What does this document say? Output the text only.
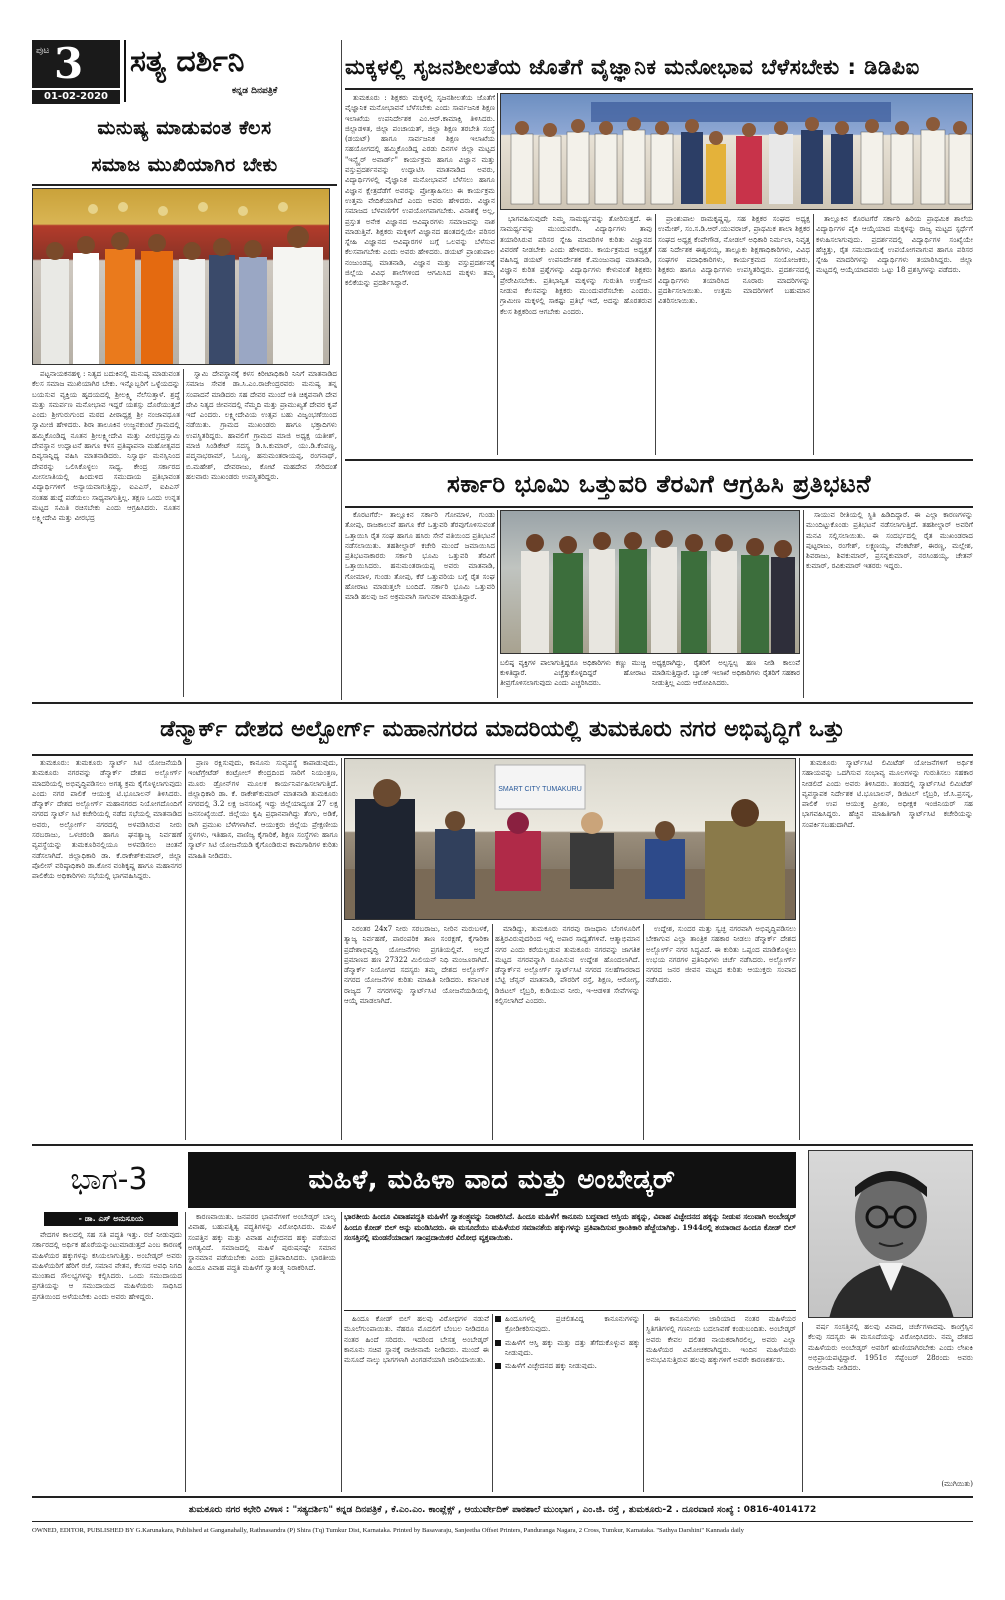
ಪುಟ 3
01-02-2020
ಸತ್ಯ ದರ್ಶಿನಿ
ಕನ್ನಡ ದಿನಪತ್ರಿಕೆ
ಮಕ್ಕಳಲ್ಲಿ ಸೃಜನಶೀಲತೆಯ ಜೊತೆಗೆ ವೈಜ್ಞಾನಿಕ ಮನೋಭಾವ ಬೆಳೆಸಬೇಕು : ಡಿಡಿಪಿಐ

ತುಮಕೂರು : ಶಿಕ್ಷಕರು ಮಕ್ಕಳಲ್ಲಿ ಸೃಜನಶೀಲತೆಯ ಜೊತೆಗೆ ವೈಜ್ಞಾನಿಕ ಮನೋಭಾವನೆ ಬೆಳೆಸಬೇಕು ಎಂದು ಸಾರ್ವಜನಿಕ ಶಿಕ್ಷಣ ಇಲಾಖೆಯ ಉಪನಿರ್ದೇಶಕ ಎಂ.ಆರ್.ಕಾಮಾಕ್ಷಿ ತಿಳಿಸಿದರು. ಜಿಲ್ಲಾಡಳಿತ, ಜಿಲ್ಲಾ ಪಂಚಾಯತ್, ಜಿಲ್ಲಾ ಶಿಕ್ಷಣ ತರಬೇತಿ ಸಂಸ್ಥೆ (ಡಯಟ್) ಹಾಗೂ ಸಾರ್ವಜನಿಕ ಶಿಕ್ಷಣ ಇಲಾಖೆಯ ಸಹಯೋಗದಲ್ಲಿ ಹಮ್ಮಿಕೊಂಡಿದ್ದ ಎರಡು ದಿನಗಳ ಜಿಲ್ಲಾ ಮಟ್ಟದ "ಇನ್ಸ್ಪೈರ್ ಅವಾರ್ಡ್" ಕಾರ್ಯಕ್ರಮ ಹಾಗೂ ವಿಜ್ಞಾನ ಮತ್ತು ವಸ್ತುಪ್ರದರ್ಶನವನ್ನು ಉದ್ಘಾಟಿಸಿ ಮಾತನಾಡಿದ ಅವರು, ವಿದ್ಯಾರ್ಥಿಗಳಲ್ಲಿ ವೈಜ್ಞಾನಿಕ ಮನೋಭಾವನೆ ಬೆಳೆಸಲು ಹಾಗೂ ವಿಜ್ಞಾನ ಕ್ಷೇತ್ರದೆಡೆಗೆ ಅವರನ್ನು ಪ್ರೋತ್ಸಾಹಿಸಲು ಈ ಕಾರ್ಯಕ್ರಮ ಉತ್ತಮ ವೇದಿಕೆಯಾಗಿದೆ ಎಂದು ಅವರು ಹೇಳಿದರು. ವಿಜ್ಞಾನ ಸಮಾಜದ ಬೆಳವಣಿಗೆಗೆ ಉಪಯೋಗವಾಗಬೇಕು. ವಿನಾಶಕ್ಕೆ ಅಲ್ಲ, ಪ್ರಸ್ತುತ ಅನೇಕ ವಿಜ್ಞಾನದ ಆವಿಷ್ಕಾರಗಳು ಸಮಾಜವನ್ನು ನಾಶ ಮಾಡುತ್ತಿವೆ. ಶಿಕ್ಷಕರು ಮಕ್ಕಳಿಗೆ ವಿಜ್ಞಾನದ ಹಂತದಲ್ಲಿಯೇ ಪರಿಸರ ಸ್ನೇಹಿ ವಿಜ್ಞಾನದ ಆವಿಷ್ಕಾರಗಳ ಬಗ್ಗೆ ಒಲವನ್ನು ಬೆಳೆಸುವ ಕೆಲಸವಾಗಬೇಕು ಎಂದು ಅವರು ಹೇಳಿದರು. ಡಯಟ್ ಪ್ರಾಂಶುಪಾಲ ನಂಜುಂಡಪ್ಪ ಮಾತನಾಡಿ, ವಿಜ್ಞಾನ ಮತ್ತು ವಸ್ತುಪ್ರದರ್ಶನಕ್ಕೆ ಜಿಲ್ಲೆಯ ವಿವಿಧ ಶಾಲೆಗಳಿಂದ ಆಗಮಿಸಿದ ಮಕ್ಕಳು ತಮ್ಮ ಕಲಿಕೆಯನ್ನು ಪ್ರದರ್ಶಿಸಿದ್ದಾರೆ.

ಭಾಗವಹಿಸುವುದೇ ನಿಮ್ಮ ಸಾಮರ್ಥ್ಯವನ್ನು ತೋರಿಸುತ್ತದೆ. ಈ ಸಾಮರ್ಥ್ಯವನ್ನು ಮುಂದುವರೆಸಿ. ವಿದ್ಯಾರ್ಥಿಗಳು ತಾವು ತಯಾರಿಸಿರುವ ಪರಿಸರ ಸ್ನೇಹಿ ಮಾದರಿಗಳ ಕುರಿತು ವಿಜ್ಞಾನದ ವಿವರಣೆ ನೀಡಬೇಕು ಎಂದು ಹೇಳಿದರು. ಕಾರ್ಯಕ್ರಮದ ಅಧ್ಯಕ್ಷತೆ ವಹಿಸಿದ್ದ ಡಯಟ್ ಉಪನಿರ್ದೇಶಕ ಕೆ.ಮಂಜುನಾಥ ಮಾತನಾಡಿ, ವಿಜ್ಞಾನ ಕುರಿತ ಪ್ರಶ್ನೆಗಳನ್ನು ವಿದ್ಯಾರ್ಥಿಗಳು ಕೇಳುವಂತೆ ಶಿಕ್ಷಕರು ಪ್ರೇರೇಪಿಸಬೇಕು. ಪ್ರತಿಭಾನ್ವಿತ ಮಕ್ಕಳನ್ನು ಗುರುತಿಸಿ ಉತ್ತೇಜನ ನೀಡುವ ಕೆಲಸವನ್ನು ಶಿಕ್ಷಕರು ಮುಂದುವರೆಸಬೇಕು ಎಂದರು. ಗ್ರಾಮೀಣ ಮಕ್ಕಳಲ್ಲಿ ಸಾಕಷ್ಟು ಪ್ರತಿಭೆ ಇದೆ, ಅದನ್ನು ಹೊರತರುವ ಕೆಲಸ ಶಿಕ್ಷಕರಿಂದ ಆಗಬೇಕು ಎಂದರು.

ಪ್ರಾಂಶುಪಾಲ ರಾಮಕೃಷ್ಣಪ್ಪ, ಸಹ ಶಿಕ್ಷಕರ ಸಂಘದ ಅಧ್ಯಕ್ಷ ಉಮೇಶ್, ಸಂ.ಸ.ಡಿ.ಆರ್.ಯುವರಾಜ್, ಪ್ರಾಥಮಿಕ ಶಾಲಾ ಶಿಕ್ಷಕರ ಸಂಘದ ಅಧ್ಯಕ್ಷ ಕೆಂಪೇಗೌಡ, ನೋಡಲ್ ಅಧಿಕಾರಿ ನಿರ್ಮಲಾ, ನಿವೃತ್ತ ಸಹ ನಿರ್ದೇಶಕ ಈಶ್ವರಯ್ಯ, ತಾಲ್ಲೂಕು ಶಿಕ್ಷಣಾಧಿಕಾರಿಗಳು, ವಿವಿಧ ಸಂಘಗಳ ಪದಾಧಿಕಾರಿಗಳು, ಕಾರ್ಯಕ್ರಮದ ಸಂಯೋಜಕರು, ಶಿಕ್ಷಕರು ಹಾಗೂ ವಿದ್ಯಾರ್ಥಿಗಳು ಉಪಸ್ಥಿತರಿದ್ದರು. ಪ್ರದರ್ಶನದಲ್ಲಿ ವಿದ್ಯಾರ್ಥಿಗಳು ತಯಾರಿಸಿದ ನೂರಾರು ಮಾದರಿಗಳನ್ನು ಪ್ರದರ್ಶಿಸಲಾಯಿತು. ಉತ್ತಮ ಮಾದರಿಗಳಿಗೆ ಬಹುಮಾನ ವಿತರಿಸಲಾಯಿತು.

ತಾಲ್ಲೂಕಿನ ಕೊರಟಗೆರೆ ಸರ್ಕಾರಿ ಹಿರಿಯ ಪ್ರಾಥಮಿಕ ಶಾಲೆಯ ವಿದ್ಯಾರ್ಥಿಗಳ ಪೈಕಿ ಆಯ್ಕೆಯಾದ ಮಕ್ಕಳನ್ನು ರಾಜ್ಯ ಮಟ್ಟದ ಸ್ಪರ್ಧೆಗೆ ಕಳುಹಿಸಲಾಗುವುದು. ಪ್ರದರ್ಶನದಲ್ಲಿ ವಿದ್ಯಾರ್ಥಿಗಳ ಸಂಖ್ಯೆಯೇ ಹೆಚ್ಚಿತ್ತು, ರೈತ ಸಮುದಾಯಕ್ಕೆ ಉಪಯೋಗವಾಗುವ ಹಾಗೂ ಪರಿಸರ ಸ್ನೇಹಿ ಮಾದರಿಗಳನ್ನು ವಿದ್ಯಾರ್ಥಿಗಳು ತಯಾರಿಸಿದ್ದರು. ಜಿಲ್ಲಾ ಮಟ್ಟದಲ್ಲಿ ಆಯ್ಕೆಯಾದವರು ಒಟ್ಟು 18 ಪ್ರಶಸ್ತಿಗಳನ್ನು ಪಡೆದರು.

ಮನುಷ್ಯ ಮಾಡುವಂತ ಕೆಲಸ
ಸಮಾಜ ಮುಖಿಯಾಗಿರ ಬೇಕು

ಪಟ್ಟನಾಯಕನಹಳ್ಳಿ : ನಿತ್ಯದ ಬದುಕಿನಲ್ಲಿ ಮನುಷ್ಯ ಮಾಡುವಂತ ಕೆಲಸ ಸಮಾಜ ಮುಖಿಯಾಗಿರ ಬೇಕು. ಇನ್ನೊಬ್ಬರಿಗೆ ಒಳ್ಳೆಯದನ್ನು ಬಯಸುವ ವ್ಯಕ್ತಿಯ ಹೃದಯದಲ್ಲಿ ಶ್ರೀಲಕ್ಷ್ಮಿ ನೆಲೆಸುತ್ತಾಳೆ. ಶ್ರದ್ಧೆ ಮತ್ತು ಸಮರ್ಪಣ ಮನೋಭಾವ ಇದ್ದರೆ ಯಶಸ್ಸು ದೊರೆಯುತ್ತದೆ ಎಂದು ಶ್ರೀಗುರುಗುಂದ ಮಠದ ಪೀಠಾಧ್ಯಕ್ಷ ಶ್ರೀ ನಂಜಾವಧೂತ ಸ್ವಾಮೀಜಿ ಹೇಳಿದರು. ಶಿರಾ ತಾಲೂಕಿನ ಉಜ್ಜನಕುಂಟೆ ಗ್ರಾಮದಲ್ಲಿ ಹಮ್ಮಿಕೊಂಡಿದ್ದ ನೂತನ ಶ್ರೀಲಕ್ಷ್ಮೀದೇವಿ ಮತ್ತು ವೀರಭದ್ರಸ್ವಾಮಿ ದೇವಸ್ಥಾನ ಉದ್ಘಾಟನೆ ಹಾಗೂ ಕಳಸ ಪ್ರತಿಷ್ಠಾಪನಾ ಮಹೋತ್ಸವದ ದಿವ್ಯಸಾನ್ನಿಧ್ಯ ವಹಿಸಿ ಮಾತನಾಡಿದರು. ನಿಸ್ವಾರ್ಥ ಮನಸ್ಸಿನಿಂದ ದೇವರನ್ನು ಒಲಿಸಿಕೊಳ್ಳಲು ಸಾಧ್ಯ. ಕೇಂದ್ರ ಸರ್ಕಾರದ ಮೀಸಲಾತಿಯಲ್ಲಿ ಹಿಂದುಳಿದ ಸಮುದಾಯ ಪ್ರತಿಭಾವಂತ ವಿದ್ಯಾರ್ಥಿಗಳಿಗೆ ಅನ್ಯಾಯವಾಗುತ್ತಿದ್ದು, ಐಎಎಸ್, ಐಪಿಎಸ್ ನಂತಹ ಹುದ್ದೆ ಪಡೆಯಲು ಸಾಧ್ಯವಾಗುತ್ತಿಲ್ಲ. ತಕ್ಷಣ ಒಂದು ಉನ್ನತ ಮಟ್ಟದ ಸಮಿತಿ ರಚಿಸಬೇಕು ಎಂದು ಆಗ್ರಹಿಸಿದರು. ನೂತನ ಲಕ್ಷ್ಮೀದೇವಿ ಮತ್ತು ವೀರಭದ್ರ

ಸ್ವಾಮಿ ದೇವಸ್ಥಾನಕ್ಕೆ ಕಳಸ ಕಿರೀಟಾಧಿಕಾರಿ ನಿನಿಗೆ ಮಾತನಾಡಿದ ಸಮಾಜ ಸೇವಕ ಡಾ.ಸಿ.ಎಂ.ರಾಜೇಂದ್ರರವರು ಮನುಷ್ಯ ತನ್ನ ಸಂಪಾದನೆ ಮಾಡಿದರು ಸಹ ದೇವರ ಮುಂದೆ ಅತಿ ಚಿಕ್ಕವನಾಗಿ ದೇವ ದೇವಿ ನಿತ್ಯದ ಜೀವನದಲ್ಲಿ ನೆಮ್ಮದಿ ಮತ್ತು ಪ್ರಾಮುಖ್ಯತೆ ದೇವರ ಕೃಪೆ ಇದೆ ಎಂದರು. ಲಕ್ಷ್ಮೀದೇವಿಯ ಉತ್ಸವ ಬಹು ವಿಜೃಂಭಣೆಯಿಂದ ನಡೆಯಿತು. ಗ್ರಾಮದ ಮುಖಂಡರು ಹಾಗೂ ಭಕ್ತಾದಿಗಳು ಉಪಸ್ಥಿತರಿದ್ದರು. ಹಾವಲಿಗೆ ಗ್ರಾಮದ ಮಾಜಿ ಅಧ್ಯಕ್ಷ ಯತೀಶ್, ಮಾಜಿ ಸಿಂಡಿಕೇಟ್ ಸದಸ್ಯ ಡಿ.ಸಿ.ಕುಮಾರ್, ಯು.ಡಿ.ಕೆಂಪಣ್ಣ, ಪದ್ಮನಾಭರಾಮ್, ಓಬಣ್ಣ, ಹನುಮಂತರಾಯಪ್ಪ, ರಂಗನಾಥ್, ಬಿ.ಮಹೇಶ್, ದೇವರಾಜು, ಕೋಟೆ ಮಹದೇವ ಸೇರಿದಂತೆ ಹಲವಾರು ಮುಖಂಡರು ಉಪಸ್ಥಿತರಿದ್ದರು.	ಸರ್ಕಾರಿ ಭೂಮಿ ಒತ್ತುವರಿ ತೆರವಿಗೆ ಆಗ್ರಹಿಸಿ ಪ್ರತಿಭಟನೆ

ಕೊರಟಗೆರೆ:- ತಾಲ್ಲೂಕಿನ ಸರ್ಕಾರಿ ಗೋಮಾಳ, ಗುಂಡು ತೋಪು, ರಾಜಕಾಲುವೆ ಹಾಗೂ ಕೆರೆ ಒತ್ತುವರಿ ತೆರವುಗೊಳಿಸುವಂತೆ ಒತ್ತಾಯಿಸಿ ರೈತ ಸಂಘ ಹಾಗೂ ಹಸಿರು ಸೇನೆ ವತಿಯಿಂದ ಪ್ರತಿಭಟನೆ ನಡೆಸಲಾಯಿತು. ತಹಶೀಲ್ದಾರ್ ಕಚೇರಿ ಮುಂದೆ ಜಮಾಯಿಸಿದ ಪ್ರತಿಭಟನಾಕಾರರು ಸರ್ಕಾರಿ ಭೂಮಿ ಒತ್ತುವರಿ ತೆರವಿಗೆ ಒತ್ತಾಯಿಸಿದರು. ಹನುಮಂತರಾಯಪ್ಪ ಅವರು ಮಾತನಾಡಿ, ಗೋಮಾಳ, ಗುಂಡು ತೋಪು, ಕೆರೆ ಒತ್ತುವರಿಯ ಬಗ್ಗೆ ರೈತ ಸಂಘ ಹೋರಾಟ ಮಾಡುತ್ತಲೇ ಬಂದಿದೆ. ಸರ್ಕಾರಿ ಭೂಮಿ ಒತ್ತುವರಿ ಮಾಡಿ ಹಲವು ಜನ ಅಕ್ರಮವಾಗಿ ಸಾಗುವಳಿ ಮಾಡುತ್ತಿದ್ದಾರೆ.

ಬಲಿಷ್ಠ ವ್ಯಕ್ತಿಗಳ ಪಾಲಾಗುತ್ತಿದ್ದರೂ ಅಧಿಕಾರಿಗಳು ಕಣ್ಣು ಮುಚ್ಚಿ ಕುಳಿತಿದ್ದಾರೆ. ಎಚ್ಚೆತ್ತುಕೊಳ್ಳದಿದ್ದರೆ ಹೋರಾಟ ತೀವ್ರಗೊಳಿಸಲಾಗುವುದು ಎಂದು ಎಚ್ಚರಿಸಿದರು.
ಅಧ್ಯಕ್ಷರಾಗಿದ್ದು, ರೈತರಿಗೆ ಅಲ್ಪಸ್ವಲ್ಪ ಹಣ ನೀಡಿ ಕಾಲುವೆ ಮಾಡಿಸುತ್ತಿದ್ದಾರೆ. ಬ್ಯಾಂಕ್ ಇಲಾಖೆ ಅಧಿಕಾರಿಗಳು ರೈತರಿಗೆ ಸಹಕಾರ ನೀಡುತ್ತಿಲ್ಲ ಎಂದು ಆರೋಪಿಸಿದರು.

ಸಾಯುವ ರೀತಿಯಲ್ಲಿ ಸ್ಥಿತಿ ಹಿಡಿದಿದ್ದಾರೆ. ಈ ಎಲ್ಲಾ ಕಾರಣಗಳನ್ನು ಮುಂದಿಟ್ಟುಕೊಂಡು ಪ್ರತಿಭಟನೆ ನಡೆಸಲಾಗುತ್ತಿದೆ. ತಹಶೀಲ್ದಾರ್ ಅವರಿಗೆ ಮನವಿ ಸಲ್ಲಿಸಲಾಯಿತು. ಈ ಸಂದರ್ಭದಲ್ಲಿ ರೈತ ಮುಖಂಡರಾದ ಪುಟ್ಟರಾಜು, ರಂಗೇಶ್, ಲಕ್ಷ್ಮಣಯ್ಯ, ವೆಂಕಟೇಶ್, ಈರಣ್ಣ, ಮಲ್ಲೇಶ, ಶಿವರಾಜು, ಶಿವಕುಮಾರ್, ಪ್ರಸನ್ನಕುಮಾರ್, ನರಸಿಂಹಯ್ಯ, ಚೇತನ್ ಕುಮಾರ್, ರವಿಕುಮಾರ್ ಇತರರು ಇದ್ದರು.

ಡೆನ್ಮಾರ್ಕ್ ದೇಶದ ಅಲ್ಬೋರ್ಗ್ ಮಹಾನಗರದ ಮಾದರಿಯಲ್ಲಿ ತುಮಕೂರು ನಗರ ಅಭಿವೃದ್ಧಿಗೆ ಒತ್ತು

ತುಮಕೂರು: ತುಮಕೂರು ಸ್ಮಾರ್ಟ್ ಸಿಟಿ ಯೋಜನೆಯಡಿ ತುಮಕೂರು ನಗರವನ್ನು ಡೆನ್ಮಾರ್ಕ್ ದೇಶದ ಅಲ್ಬೋರ್ಗ್ ಮಾದರಿಯಲ್ಲಿ ಅಭಿವೃದ್ಧಿಪಡಿಸಲು ಅಗತ್ಯ ಕ್ರಮ ಕೈಗೊಳ್ಳಲಾಗುವುದು ಎಂದು ನಗರ ಪಾಲಿಕೆ ಆಯುಕ್ತ ಟಿ.ಭೂಬಾಲನ್ ತಿಳಿಸಿದರು. ಡೆನ್ಮಾರ್ಕ್ ದೇಶದ ಅಲ್ಬೋರ್ಗ್ ಮಹಾನಗರದ ನಿಯೋಗದೊಂದಿಗೆ ನಗರದ ಸ್ಮಾರ್ಟ್ ಸಿಟಿ ಕಚೇರಿಯಲ್ಲಿ ನಡೆದ ಸಭೆಯಲ್ಲಿ ಮಾತನಾಡಿದ ಅವರು, ಅಲ್ಬೋರ್ಗ್ ನಗರದಲ್ಲಿ ಅಳವಡಿಸಿರುವ ನೀರು ಸರಬರಾಜು, ಒಳಚರಂಡಿ ಹಾಗೂ ಘನತ್ಯಾಜ್ಯ ನಿರ್ವಹಣೆ ವ್ಯವಸ್ಥೆಯನ್ನು ತುಮಕೂರಿನಲ್ಲಿಯೂ ಅಳವಡಿಸಲು ಚಿಂತನೆ ನಡೆಸಲಾಗಿದೆ. ಜಿಲ್ಲಾಧಿಕಾರಿ ಡಾ. ಕೆ.ರಾಕೇಶ್‌ಕುಮಾರ್, ಜಿಲ್ಲಾ ಪೊಲೀಸ್ ವರಿಷ್ಠಾಧಿಕಾರಿ ಡಾ.ಕೋನ ವಂಶಿಕೃಷ್ಣ ಹಾಗೂ ಮಹಾನಗರ ಪಾಲಿಕೆಯ ಅಧಿಕಾರಿಗಳು ಸಭೆಯಲ್ಲಿ ಭಾಗವಹಿಸಿದ್ದರು.

ಪ್ರಾಣ ರಕ್ಷಿಸುವುದು, ಕಾನೂನು ಸುವ್ಯವಸ್ಥೆ ಕಾಪಾಡುವುದು, ಇಂಟೆಗ್ರೇಟೆಡ್ ಕಂಟ್ರೋಲ್ ಕೇಂದ್ರದಿಂದ ಸಾರಿಗೆ ನಿಯಂತ್ರಣ, ಮೂರು ಡ್ರೋನ್‌ಗಳ ಮೂಲಕ ಕಾರ್ಯನಿರ್ವಹಿಸಲಾಗುತ್ತಿದೆ. ಜಿಲ್ಲಾಧಿಕಾರಿ ಡಾ. ಕೆ. ರಾಕೇಶ್‌ಕುಮಾರ್ ಮಾತನಾಡಿ ತುಮಕೂರು ನಗರದಲ್ಲಿ 3.2 ಲಕ್ಷ ಜನಸಂಖ್ಯೆ ಇದ್ದು ಜಿಲ್ಲೆಯಾದ್ಯಂತ 27 ಲಕ್ಷ ಜನಸಂಖ್ಯೆಯಿದೆ. ಜಿಲ್ಲೆಯು ಕೃಷಿ ಪ್ರಧಾನವಾಗಿದ್ದು ತೆಂಗು, ಅಡಿಕೆ, ರಾಗಿ ಪ್ರಮುಖ ಬೆಳೆಗಳಾಗಿವೆ. ಆಯುಕ್ತರು ಜಿಲ್ಲೆಯ ಪ್ರೇಕ್ಷಣೀಯ ಸ್ಥಳಗಳು, ಇತಿಹಾಸ, ವಾಣಿಜ್ಯ ಕೈಗಾರಿಕೆ, ಶಿಕ್ಷಣ ಸಂಸ್ಥೆಗಳು ಹಾಗೂ ಸ್ಮಾರ್ಟ್ ಸಿಟಿ ಯೋಜನೆಯಡಿ ಕೈಗೊಂಡಿರುವ ಕಾಮಗಾರಿಗಳ ಕುರಿತು ಮಾಹಿತಿ ನೀಡಿದರು.

SMART CITY TUMAKURU

ನಿರಂತರ 24x7 ನೀರು ಸರಬರಾಜು, ನೀರಿನ ಮರುಬಳಕೆ, ತ್ಯಾಜ್ಯ ನಿರ್ವಹಣೆ, ಪಾರಂಪರಿಕ ತಾಣ ಸಂರಕ್ಷಣೆ, ಕೈಗಾರಿಕಾ ಪ್ರದೇಶಾಭಿವೃದ್ಧಿ ಯೋಜನೆಗಳು ಪ್ರಗತಿಯಲ್ಲಿವೆ. ಅಲ್ಲದೆ ಪ್ರಮಾಣದ ಹಣ 27322 ಮಿಲಿಯನ್ ನಿಧಿ ಮಂಜೂರಾಗಿದೆ. ಡೆನ್ಮಾರ್ಕ್ ನಿಯೋಗದ ಸದಸ್ಯರು ತಮ್ಮ ದೇಶದ ಅಲ್ಬೋರ್ಗ್ ನಗರದ ಯೋಜನೆಗಳ ಕುರಿತು ಮಾಹಿತಿ ನೀಡಿದರು. ಕರ್ನಾಟಕ ರಾಜ್ಯದ 7 ನಗರಗಳನ್ನು ಸ್ಮಾರ್ಟ್‌ಸಿಟಿ ಯೋಜನೆಯಡಿಯಲ್ಲಿ ಆಯ್ಕೆ ಮಾಡಲಾಗಿದೆ.

ಮಾಡಿದ್ದು, ತುಮಕೂರು ನಗರವು ರಾಜಧಾನಿ ಬೆಂಗಳೂರಿಗೆ ಹತ್ತಿರವಿರುವುದರಿಂದ ಇಲ್ಲಿ ಅಪಾರ ಸಾಧ್ಯತೆಗಳಿವೆ. ಆತ್ಮಾಭಿಮಾನ ನಗರ ಎಂದು ಕರೆಯಲ್ಪಡುವ ತುಮಕೂರು ನಗರವನ್ನು ಜಾಗತಿಕ ಮಟ್ಟದ ನಗರವನ್ನಾಗಿ ರೂಪಿಸುವ ಉದ್ದೇಶ ಹೊಂದಲಾಗಿದೆ. ಡೆನ್ಮಾರ್ಕ್‌ನ ಅಲ್ಬೋರ್ಗ್ ಸ್ಮಾರ್ಟ್‌ಸಿಟಿ ನಗರದ ಸಲಹೆಗಾರರಾದ ಬೆಟ್ಟಿ ಜೆನ್ಸನ್ ಮಾತನಾಡಿ, ಪೌರರಿಗೆ ರಸ್ತೆ, ಶಿಕ್ಷಣ, ಆರೋಗ್ಯ, ಡಿಜಿಟಲ್ ಲೈಬ್ರರಿ, ಕುಡಿಯುವ ನೀರು, ಇ-ಆಡಳಿತ ಸೇವೆಗಳನ್ನು ಕಲ್ಪಿಸಲಾಗಿದೆ ಎಂದರು.

ಉದ್ದೇಶ, ಸುಂದರ ಮತ್ತು ಸ್ವಚ್ಛ ನಗರವಾಗಿ ಅಭಿವೃದ್ಧಿಪಡಿಸಲು ಬೇಕಾಗುವ ಎಲ್ಲಾ ತಾಂತ್ರಿಕ ಸಹಕಾರ ನೀಡಲು ಡೆನ್ಮಾರ್ಕ್ ದೇಶದ ಅಲ್ಬೋರ್ಗ್ ನಗರ ಸಿದ್ಧವಿದೆ. ಈ ಕುರಿತು ಒಪ್ಪಂದ ಮಾಡಿಕೊಳ್ಳಲು ಉಭಯ ನಗರಗಳ ಪ್ರತಿನಿಧಿಗಳು ಚರ್ಚೆ ನಡೆಸಿದರು. ಅಲ್ಬೋರ್ಗ್ ನಗರದ ಜನರ ಜೀವನ ಮಟ್ಟದ ಕುರಿತು ಆಯುಕ್ತರು ಸಂವಾದ ನಡೆಸಿದರು.

ತುಮಕೂರು ಸ್ಮಾರ್ಟ್‌ಸಿಟಿ ಲಿಮಿಟೆಡ್ ಯೋಜನೆಗಳಿಗೆ ಅರ್ಥಿಕ ಸಹಾಯವನ್ನು ಒದಗಿಸುವ ಸಂಭಾವ್ಯ ಮೂಲಗಳನ್ನು ಗುರುತಿಸಲು ಸಹಕಾರ ನೀಡಲಿದೆ ಎಂದು ಅವರು ತಿಳಿಸಿದರು. ತಂಡದಲ್ಲಿ ಸ್ಮಾರ್ಟ್‌ಸಿಟಿ ಲಿಮಿಟೆಡ್ ವ್ಯವಸ್ಥಾಪಕ ನಿರ್ದೇಶಕ ಟಿ.ಭೂಬಾಲನ್, ಡಿಜಿಟಲ್ ಲೈಬ್ರರಿ, ಜೆ.ಸಿ.ಪ್ರಸನ್ನ, ಪಾಲಿಕೆ ಉಪ ಆಯುಕ್ತ ಪ್ರೀತಂ, ಅಧೀಕ್ಷಕ ಇಂಜಿನಿಯರ್ ಸಹ ಭಾಗವಹಿಸಿದ್ದರು. ಹೆಚ್ಚಿನ ಮಾಹಿತಿಗಾಗಿ ಸ್ಮಾರ್ಟ್‌ಸಿಟಿ ಕಚೇರಿಯನ್ನು ಸಂಪರ್ಕಿಸಬಹುದಾಗಿದೆ.

ಭಾಗ-3	ಮಹಿಳೆ, ಮಹಿಳಾ ವಾದ ಮತ್ತು ಅಂಬೇಡ್ಕರ್
- ಡಾ. ಎಸ್ ಅನುಸೂಯ

ವೇದಗಳ ಕಾಲದಲ್ಲಿ ಸಹ ಸತಿ ಪದ್ಧತಿ ಇತ್ತು. ರಜೆ ನೀಡುವುದು ಸರ್ಕಾರದಲ್ಲಿ ಅರ್ಥಿಕ ಹೊರೆಯನ್ನುಂಟುಮಾಡುತ್ತದೆ ಎಂಬ ಕಾರಣಕ್ಕೆ ಮಹಿಳೆಯರ ಹಕ್ಕುಗಳನ್ನು ಕಸಿಯಲಾಗುತ್ತಿತ್ತು. ಅಂಬೇಡ್ಕರ್ ಅವರು ಮಹಿಳೆಯರಿಗೆ ಹೆರಿಗೆ ರಜೆ, ಸಮಾನ ವೇತನ, ಕೆಲಸದ ಅವಧಿ ನಿಗದಿ ಮುಂತಾದ ಸೌಲಭ್ಯಗಳನ್ನು ಕಲ್ಪಿಸಿದರು. ಒಂದು ಸಮುದಾಯದ ಪ್ರಗತಿಯನ್ನು ಆ ಸಮುದಾಯದ ಮಹಿಳೆಯರು ಸಾಧಿಸಿದ ಪ್ರಗತಿಯಿಂದ ಅಳೆಯಬೇಕು ಎಂದು ಅವರು ಹೇಳಿದ್ದರು.

ಕಾರಣವಾಯಿತು. ಜನಪರರ ಭಾವನೆಗಳಿಗೆ ಅಂಬೇಡ್ಕರ್ ಬಾಲ್ಯ ವಿವಾಹ, ಬಹುಪತ್ನಿತ್ವ ಪದ್ಧತಿಗಳನ್ನು ವಿರೋಧಿಸಿದರು. ಮಹಿಳೆ ಸಂಪತ್ತಿನ ಹಕ್ಕು ಮತ್ತು ವಿವಾಹ ವಿಚ್ಛೇದನದ ಹಕ್ಕು ಪಡೆಯುವ ಅಗತ್ಯವಿದೆ. ಸಮಾಜದಲ್ಲಿ ಮಹಿಳೆ ಪುರುಷನಷ್ಟೇ ಸಮಾನ ಸ್ಥಾನಮಾನ ಪಡೆಯಬೇಕು ಎಂದು ಪ್ರತಿಪಾದಿಸಿದರು. ಭಾರತೀಯ ಹಿಂದೂ ವಿವಾಹ ಪದ್ಧತಿ ಮಹಿಳೆಗೆ ಸ್ವಾತಂತ್ರ್ಯ ನಿರಾಕರಿಸಿದೆ.

ಭಾರತೀಯ ಹಿಂದೂ ವಿವಾಹಪದ್ಧತಿ ಮಹಿಳೆಗೆ ಸ್ವಾತಂತ್ರ್ಯವನ್ನು ನಿರಾಕರಿಸಿದೆ. ಹಿಂದೂ ಮಹಿಳೆಗೆ ಕಾನೂನು ಬದ್ಧವಾದ ಆಸ್ತಿಯ ಹಕ್ಕನ್ನು, ವಿವಾಹ ವಿಚ್ಛೇದನದ ಹಕ್ಕನ್ನು ನೀಡುವ ಸಲುವಾಗಿ ಅಂಬೇಡ್ಕರ್ ಹಿಂದೂ ಕೋಡ್ ಬಿಲ್ ಅನ್ನು ಮಂಡಿಸಿದರು. ಈ ಮಸೂದೆಯು ಮಹಿಳೆಯರ ಸಮಾನತೆಯ ಹಕ್ಕುಗಳನ್ನು ಪ್ರತಿಪಾದಿಸುವ ಕ್ರಾಂತಿಕಾರಿ ಹೆಜ್ಜೆಯಾಗಿತ್ತು. 1944ರಲ್ಲಿ ತಯಾರಾದ ಹಿಂದೂ ಕೋಡ್ ಬಿಲ್ ಸಂಸತ್ತಿನಲ್ಲಿ ಮಂಡನೆಯಾದಾಗ ಸಾಂಪ್ರದಾಯಿಕರ ವಿರೋಧ ವ್ಯಕ್ತವಾಯಿತು.

ಹಿಂದೂ ಕೋಡ್ ಬಿಲ್ ಹಲವು ವಿರೋಧಗಳ ನಡುವೆ ಮೂಲೆಗುಂಪಾಯಿತು. ನೆಹರೂ ಮೊದಲಿಗೆ ಬೆಂಬಲ ನೀಡಿದರೂ ನಂತರ ಹಿಂದೆ ಸರಿದರು. ಇದರಿಂದ ಬೇಸತ್ತ ಅಂಬೇಡ್ಕರ್ ಕಾನೂನು ಸಚಿವ ಸ್ಥಾನಕ್ಕೆ ರಾಜೀನಾಮೆ ನೀಡಿದರು. ಮುಂದೆ ಈ ಮಸೂದೆ ನಾಲ್ಕು ಭಾಗಗಳಾಗಿ ವಿಂಗಡನೆಯಾಗಿ ಜಾರಿಯಾಯಿತು.

ಹಿಂದೂಗಳಲ್ಲಿ ಪ್ರಚಲಿತವಿದ್ದ ಕಾನೂನುಗಳನ್ನು ಕ್ರೋಡೀಕರಿಸುವುದು.
ಮಹಿಳೆಗೆ ಆಸ್ತಿ ಹಕ್ಕು ಮತ್ತು ದತ್ತು ತೆಗೆದುಕೊಳ್ಳುವ ಹಕ್ಕು ನೀಡುವುದು.
ಮಹಿಳೆಗೆ ವಿಚ್ಛೇದನದ ಹಕ್ಕು ನೀಡುವುದು.

ಈ ಕಾನೂನುಗಳು ಜಾರಿಯಾದ ನಂತರ ಮಹಿಳೆಯರ ಸ್ಥಿತಿಗತಿಗಳಲ್ಲಿ ಗಣನೀಯ ಬದಲಾವಣೆ ಕಂಡುಬಂದಿತು. ಅಂಬೇಡ್ಕರ್ ಅವರು ಕೇವಲ ದಲಿತರ ನಾಯಕರಾಗಿರಲಿಲ್ಲ, ಅವರು ಎಲ್ಲಾ ಮಹಿಳೆಯರ ವಿಮೋಚಕರಾಗಿದ್ದರು. ಇಂದಿನ ಮಹಿಳೆಯರು ಅನುಭವಿಸುತ್ತಿರುವ ಹಲವು ಹಕ್ಕುಗಳಿಗೆ ಅವರೇ ಕಾರಣಕರ್ತರು.

ವರ್ಷ ಸಂಸತ್ತಿನಲ್ಲಿ ಹಲವು ವಿವಾದ, ಚರ್ಚೆಗಳಾದವು. ಕಾಂಗ್ರೆಸ್ಸಿನ ಕೆಲವು ಸದಸ್ಯರು ಈ ಮಸೂದೆಯನ್ನು ವಿರೋಧಿಸಿದರು. ನಮ್ಮ ದೇಶದ ಮಹಿಳೆಯರು ಅಂಬೇಡ್ಕರ್ ಅವರಿಗೆ ಋಣಿಯಾಗಿರಬೇಕು ಎಂದು ಲೇಖಕಿ ಅಭಿಪ್ರಾಯಪಟ್ಟಿದ್ದಾರೆ. 1951ರ ಸೆಪ್ಟೆಂಬರ್ 28ರಂದು ಅವರು ರಾಜೀನಾಮೆ ನೀಡಿದರು.

(ಮುಗಿಯಿತು)
ತುಮಕೂರು ನಗರ ಕಛೇರಿ ವಿಳಾಸ : "ಸತ್ಯದರ್ಶಿನಿ" ಕನ್ನಡ ದಿನಪತ್ರಿಕೆ , ಕೆ.ಎಂ.ಎಂ. ಕಾಂಪ್ಲೆಕ್ಸ್ , ಆಯುರ್ವೇದಿಕ್ ಪಾಠಶಾಲೆ ಮುಂಭಾಗ , ಎಂ.ಜಿ. ರಸ್ತೆ , ತುಮಕೂರು-2 . ದೂರವಾಣಿ ಸಂಖ್ಯೆ : 0816-4014172
OWNED, EDITOR, PUBLISHED BY G.Karunakara, Published at Ganganahally, Rathnasandra (P) Shira (Tq) Tumkur Dist, Karnataka. Printed by Basavaraju, Sanjeetha Offset Printers, Panduranga Nagara, 2 Cross, Tumkur, Karnataka. "Sathya Darshini" Kannada daily
